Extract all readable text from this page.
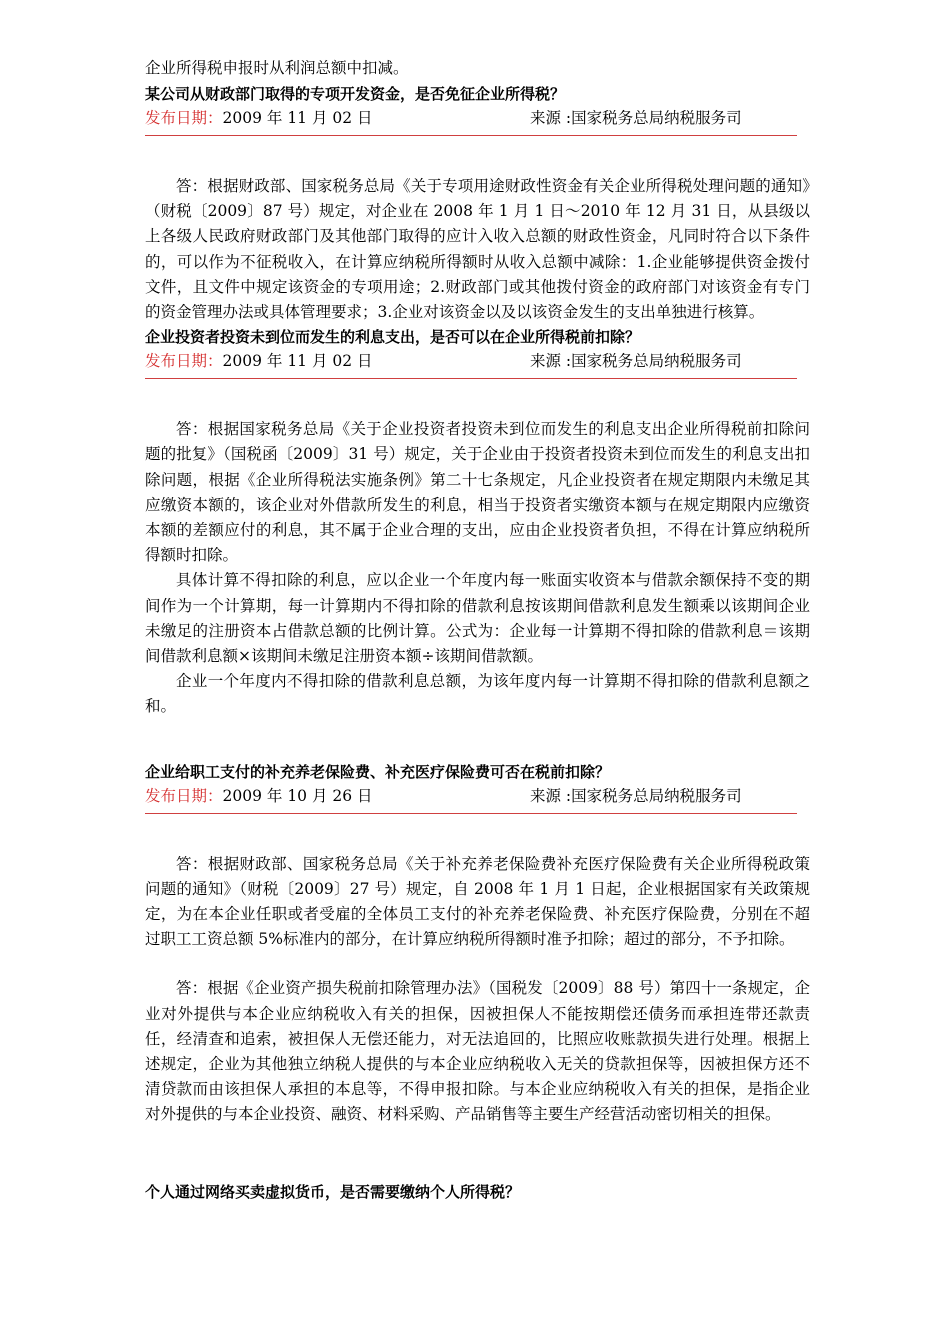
企业所得税申报时从利润总额中扣减。
某公司从财政部门取得的专项开发资金，是否免征企业所得税？
发布日期：2009 年 11 月 02 日	来源 :国家税务总局纳税服务司

答：根据财政部、国家税务总局《关于专项用途财政性资金有关企业所得税处理问题的通知》（财税〔2009〕87 号）规定，对企业在 2008 年 1 月 1 日～2010 年 12 月 31 日，从县级以上各级人民政府财政部门及其他部门取得的应计入收入总额的财政性资金，凡同时符合以下条件的，可以作为不征税收入，在计算应纳税所得额时从收入总额中减除：1.企业能够提供资金拨付文件，且文件中规定该资金的专项用途；2.财政部门或其他拨付资金的政府部门对该资金有专门的资金管理办法或具体管理要求；3.企业对该资金以及以该资金发生的支出单独进行核算。

企业投资者投资未到位而发生的利息支出，是否可以在企业所得税前扣除？
发布日期：2009 年 11 月 02 日	来源 :国家税务总局纳税服务司

答：根据国家税务总局《关于企业投资者投资未到位而发生的利息支出企业所得税前扣除问题的批复》（国税函〔2009〕31 号）规定，关于企业由于投资者投资未到位而发生的利息支出扣除问题，根据《企业所得税法实施条例》第二十七条规定，凡企业投资者在规定期限内未缴足其应缴资本额的，该企业对外借款所发生的利息，相当于投资者实缴资本额与在规定期限内应缴资本额的差额应付的利息，其不属于企业合理的支出，应由企业投资者负担，不得在计算应纳税所得额时扣除。

具体计算不得扣除的利息，应以企业一个年度内每一账面实收资本与借款余额保持不变的期间作为一个计算期，每一计算期内不得扣除的借款利息按该期间借款利息发生额乘以该期间企业未缴足的注册资本占借款总额的比例计算。公式为：企业每一计算期不得扣除的借款利息＝该期间借款利息额×该期间未缴足注册资本额÷该期间借款额。

企业一个年度内不得扣除的借款利息总额，为该年度内每一计算期不得扣除的借款利息额之和。

企业给职工支付的补充养老保险费、补充医疗保险费可否在税前扣除？
发布日期：2009 年 10 月 26 日	来源 :国家税务总局纳税服务司

答：根据财政部、国家税务总局《关于补充养老保险费补充医疗保险费有关企业所得税政策问题的通知》（财税〔2009〕27 号）规定，自 2008 年 1 月 1 日起，企业根据国家有关政策规定，为在本企业任职或者受雇的全体员工支付的补充养老保险费、补充医疗保险费，分别在不超过职工工资总额 5%标准内的部分，在计算应纳税所得额时准予扣除；超过的部分，不予扣除。

答：根据《企业资产损失税前扣除管理办法》（国税发〔2009〕88 号）第四十一条规定，企业对外提供与本企业应纳税收入有关的担保，因被担保人不能按期偿还债务而承担连带还款责任，经清查和追索，被担保人无偿还能力，对无法追回的，比照应收账款损失进行处理。根据上述规定，企业为其他独立纳税人提供的与本企业应纳税收入无关的贷款担保等，因被担保方还不清贷款而由该担保人承担的本息等，不得申报扣除。与本企业应纳税收入有关的担保，是指企业对外提供的与本企业投资、融资、材料采购、产品销售等主要生产经营活动密切相关的担保。

个人通过网络买卖虚拟货币，是否需要缴纳个人所得税？
